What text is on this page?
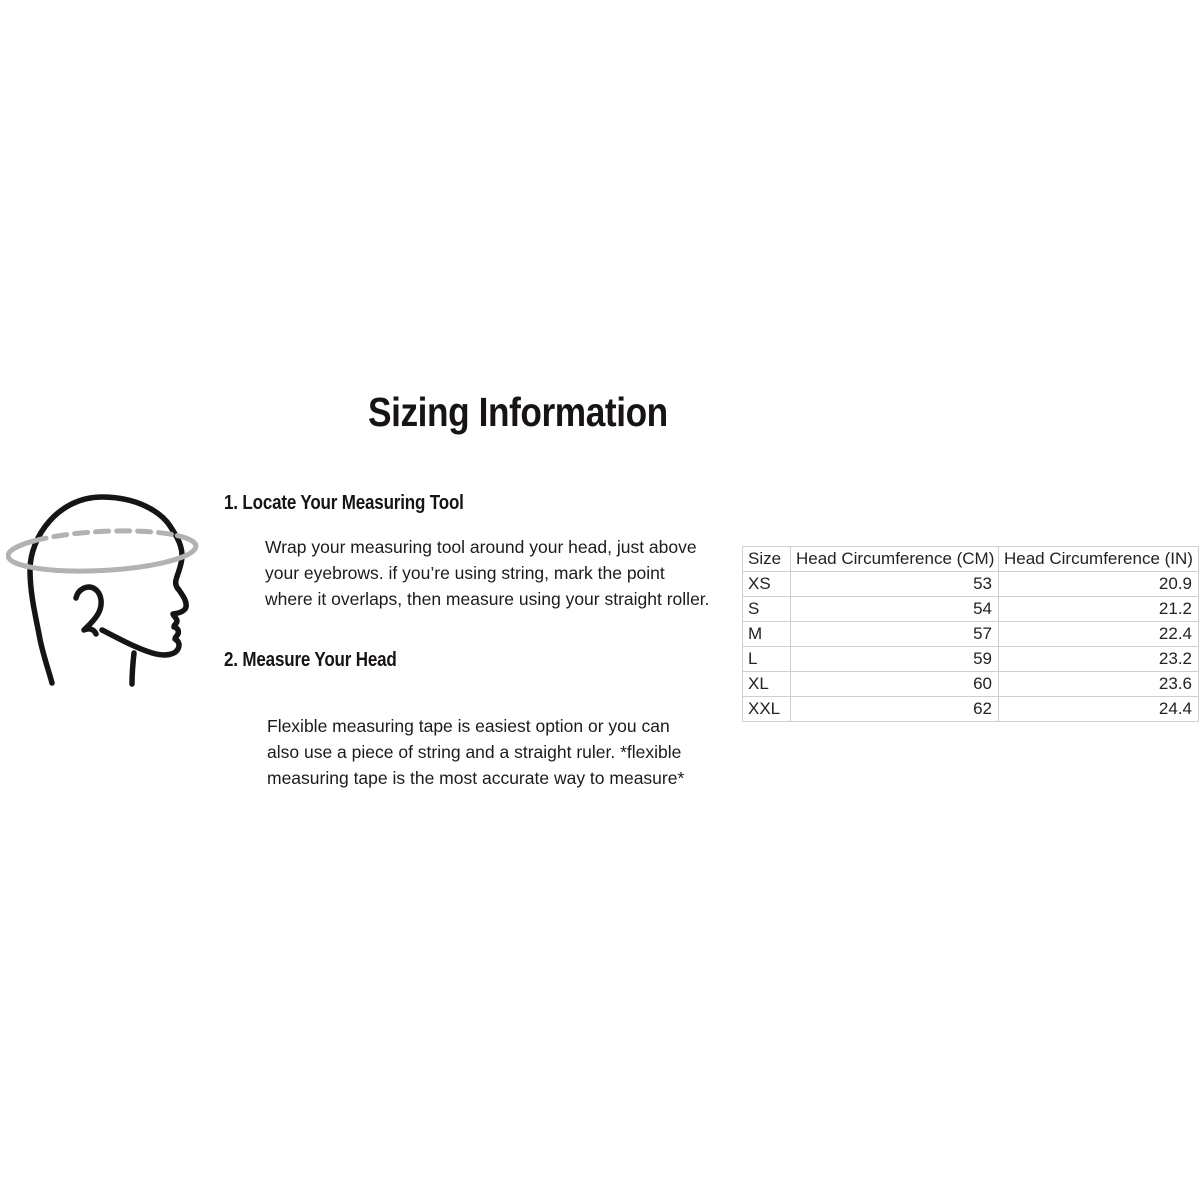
Sizing Information
1. Locate Your Measuring Tool

Wrap your measuring tool around your head, just above
your eyebrows. if you’re using string, mark the point
where it overlaps, then measure using your straight roller.

2. Measure Your Head

Flexible measuring tape is easiest option or you can
also use a piece of string and a straight ruler. *flexible
measuring tape is the most accurate way to measure*

Size	Head Circumference (CM)	Head Circumference (IN)
XS	53	20.9
S	54	21.2
M	57	22.4
L	59	23.2
XL	60	23.6
XXL	62	24.4
